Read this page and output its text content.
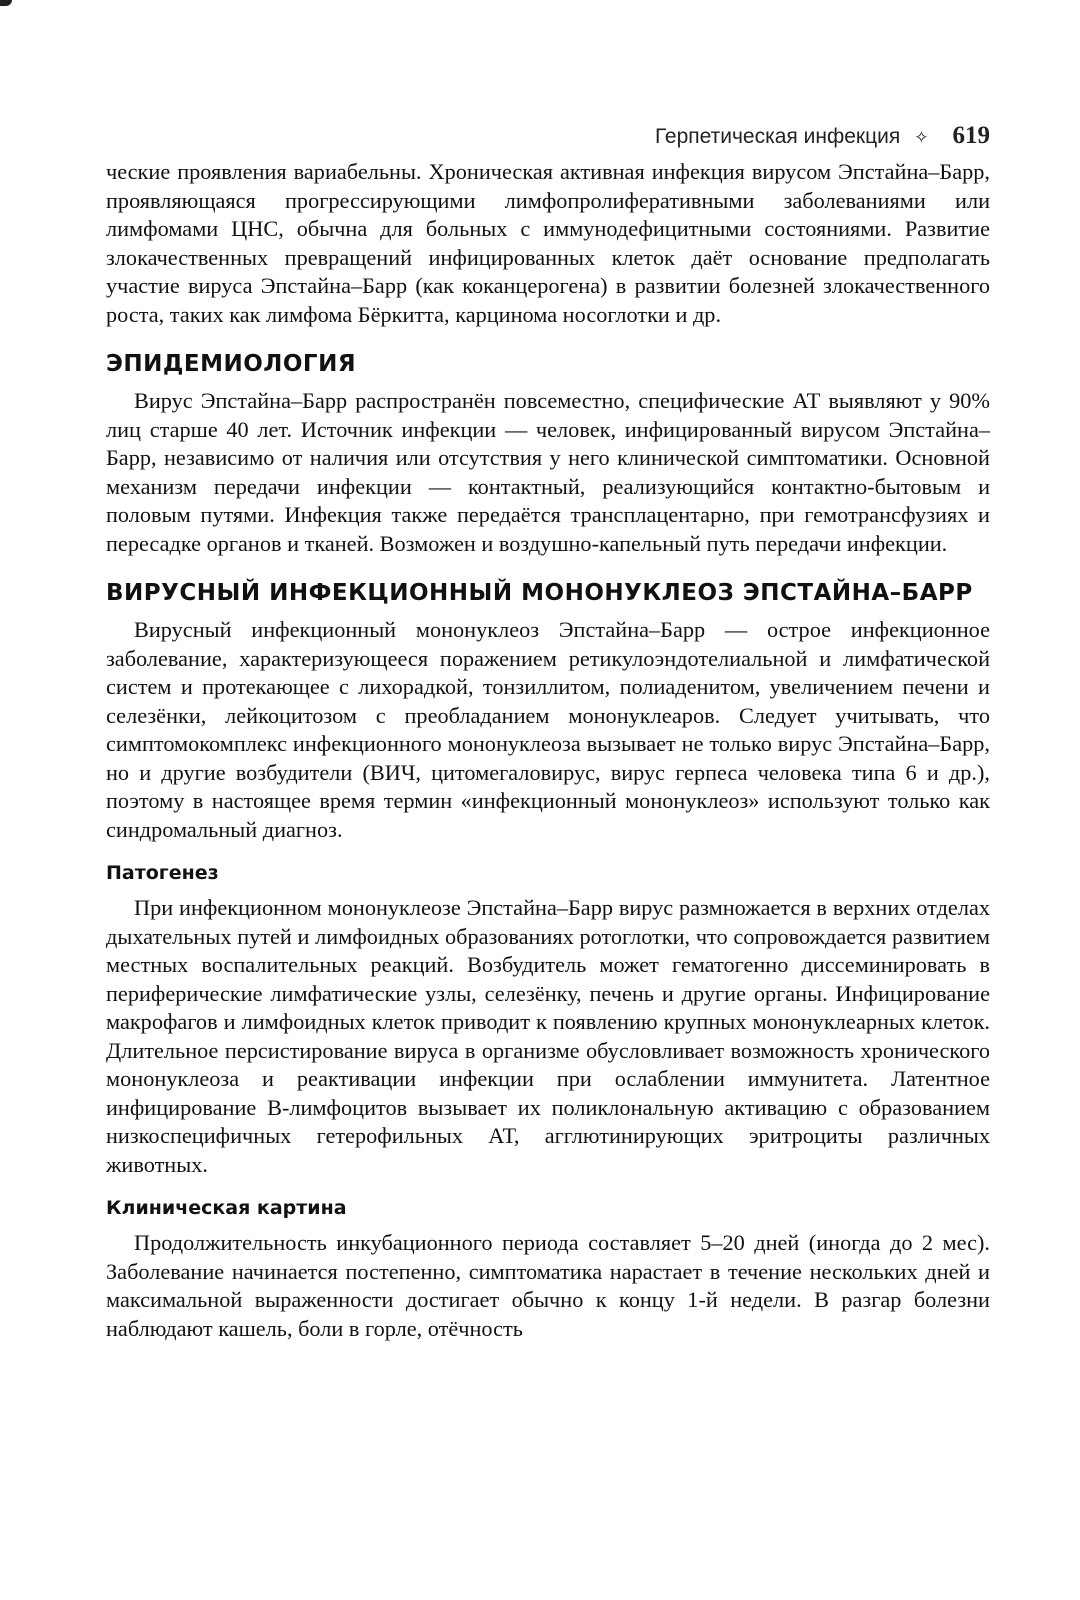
Герпетическая инфекция ✧ 619

ческие проявления вариабельны. Хроническая активная инфекция вирусом Эпстайна–Барр, проявляющаяся прогрессирующими лимфопролиферативными заболеваниями или лимфомами ЦНС, обычна для больных с иммунодефицитными состояниями. Развитие злокачественных превращений инфицированных клеток даёт основание предполагать участие вируса Эпстайна–Барр (как коканцерогена) в развитии болезней злокачественного роста, таких как лимфома Бёркитта, карцинома носоглотки и др.

ЭПИДЕМИОЛОГИЯ

Вирус Эпстайна–Барр распространён повсеместно, специфические АТ выявляют у 90% лиц старше 40 лет. Источник инфекции — человек, инфицированный вирусом Эпстайна–Барр, независимо от наличия или отсутствия у него клинической симптоматики. Основной механизм передачи инфекции — контактный, реализующийся контактно-бытовым и половым путями. Инфекция также передаётся трансплацентарно, при гемотрансфузиях и пересадке органов и тканей. Возможен и воздушно-капельный путь передачи инфекции.

ВИРУСНЫЙ ИНФЕКЦИОННЫЙ МОНОНУКЛЕОЗ ЭПСТАЙНА–БАРР

Вирусный инфекционный мононуклеоз Эпстайна–Барр — острое инфекционное заболевание, характеризующееся поражением ретикулоэндотелиальной и лимфатической систем и протекающее с лихорадкой, тонзиллитом, полиаденитом, увеличением печени и селезёнки, лейкоцитозом с преобладанием мононуклеаров. Следует учитывать, что симптомокомплекс инфекционного мононуклеоза вызывает не только вирус Эпстайна–Барр, но и другие возбудители (ВИЧ, цитомегаловирус, вирус герпеса человека типа 6 и др.), поэтому в настоящее время термин «инфекционный мононуклеоз» используют только как синдромальный диагноз.

Патогенез

При инфекционном мононуклеозе Эпстайна–Барр вирус размножается в верхних отделах дыхательных путей и лимфоидных образованиях ротоглотки, что сопровождается развитием местных воспалительных реакций. Возбудитель может гематогенно диссеминировать в периферические лимфатические узлы, селезёнку, печень и другие органы. Инфицирование макрофагов и лимфоидных клеток приводит к появлению крупных мононуклеарных клеток. Длительное персистирование вируса в организме обусловливает возможность хронического мононуклеоза и реактивации инфекции при ослаблении иммунитета. Латентное инфицирование В-лимфоцитов вызывает их поликлональную активацию с образованием низкоспецифичных гетерофильных АТ, агглютинирующих эритроциты различных животных.

Клиническая картина

Продолжительность инкубационного периода составляет 5–20 дней (иногда до 2 мес). Заболевание начинается постепенно, симптоматика нарастает в течение нескольких дней и максимальной выраженности достигает обычно к концу 1-й недели. В разгар болезни наблюдают кашель, боли в горле, отёчность
